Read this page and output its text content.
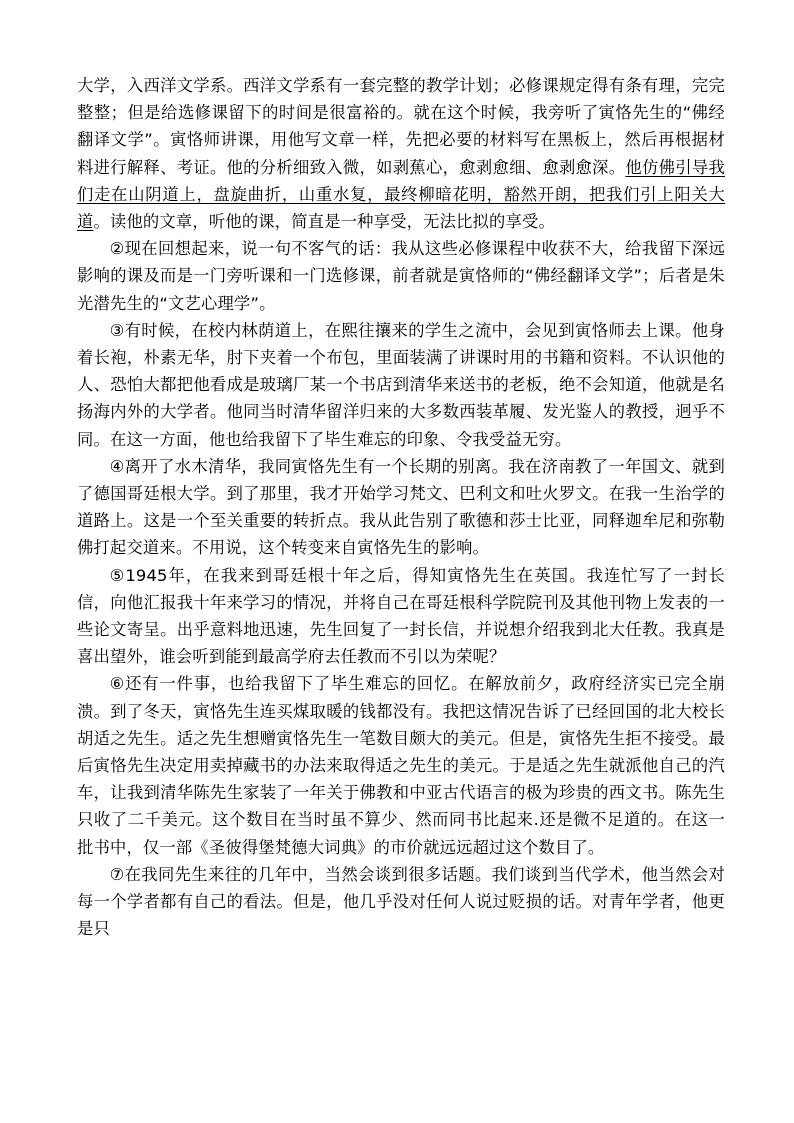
大学，入西洋文学系。西洋文学系有一套完整的教学计划；必修课规定得有条有理，完完整整；但是给选修课留下的时间是很富裕的。就在这个时候，我旁听了寅恪先生的“佛经翻译文学”。寅恪师讲课，用他写文章一样，先把必要的材料写在黑板上，然后再根据材料进行解释、考证。他的分析细致入微，如剥蕉心，愈剥愈细、愈剥愈深。他仿佛引导我们走在山阴道上，盘旋曲折，山重水复，最终柳暗花明，豁然开朗，把我们引上阳关大道。读他的文章，听他的课，简直是一种享受，无法比拟的享受。

②现在回想起来，说一句不客气的话：我从这些必修课程中收获不大，给我留下深远影响的课及而是一门旁听课和一门选修课，前者就是寅恪师的“佛经翻译文学”；后者是朱光潜先生的“文艺心理学”。

③有时候，在校内林荫道上，在熙往攘来的学生之流中，会见到寅恪师去上课。他身着长袍，朴素无华，肘下夹着一个布包，里面装满了讲课时用的书籍和资料。不认识他的人、恐怕大都把他看成是玻璃厂某一个书店到清华来送书的老板，绝不会知道，他就是名扬海内外的大学者。他同当时清华留洋归来的大多数西装革履、发光鉴人的教授，迥乎不同。在这一方面，他也给我留下了毕生难忘的印象、令我受益无穷。

④离开了水木清华，我同寅恪先生有一个长期的别离。我在济南教了一年国文、就到了德国哥廷根大学。到了那里，我才开始学习梵文、巴利文和吐火罗文。在我一生治学的道路上。这是一个至关重要的转折点。我从此告别了歌德和莎士比亚，同释迦牟尼和弥勒佛打起交道来。不用说，这个转变来自寅恪先生的影响。

⑤1945年，在我来到哥廷根十年之后，得知寅恪先生在英国。我连忙写了一封长信，向他汇报我十年来学习的情况，并将自己在哥廷根科学院院刊及其他刊物上发表的一些论文寄呈。出乎意料地迅速，先生回复了一封长信，并说想介绍我到北大任教。我真是喜出望外，谁会听到能到最高学府去任教而不引以为荣呢？

⑥还有一件事，也给我留下了毕生难忘的回忆。在解放前夕，政府经济实已完全崩溃。到了冬天，寅恪先生连买煤取暖的钱都没有。我把这情况告诉了已经回国的北大校长胡适之先生。适之先生想赠寅恪先生一笔数目颇大的美元。但是，寅恪先生拒不接受。最后寅恪先生决定用卖掉藏书的办法来取得适之先生的美元。于是适之先生就派他自己的汽车，让我到清华陈先生家装了一年关于佛教和中亚古代语言的极为珍贵的西文书。陈先生只收了二千美元。这个数目在当时虽不算少、然而同书比起来.还是微不足道的。在这一批书中，仅一部《圣彼得堡梵德大词典》的市价就远远超过这个数目了。

⑦在我同先生来往的几年中，当然会谈到很多话题。我们谈到当代学术，他当然会对每一个学者都有自己的看法。但是，他几乎没对任何人说过贬损的话。对青年学者，他更是只
